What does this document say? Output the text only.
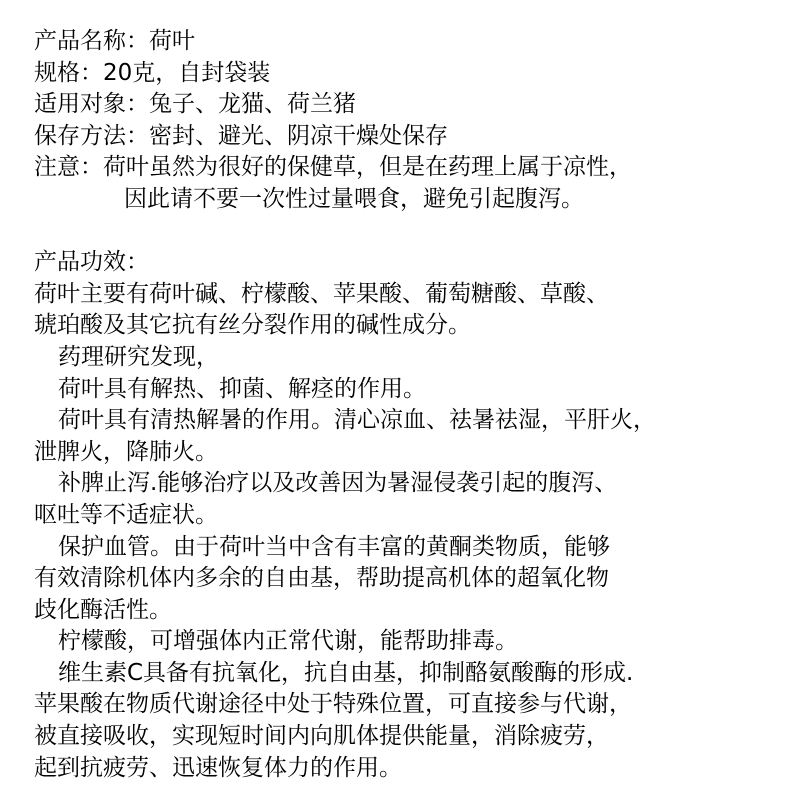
产品名称：荷叶
规格：20克，自封袋装
适用对象：兔子、龙猫、荷兰猪
保存方法：密封、避光、阴凉干燥处保存
注意：荷叶虽然为很好的保健草，但是在药理上属于凉性，
因此请不要一次性过量喂食，避免引起腹泻。
产品功效：
荷叶主要有荷叶碱、柠檬酸、苹果酸、葡萄糖酸、草酸、
琥珀酸及其它抗有丝分裂作用的碱性成分。
药理研究发现，
荷叶具有解热、抑菌、解痉的作用。
荷叶具有清热解暑的作用。清心凉血、祛暑祛湿，平肝火，
泄脾火，降肺火。
补脾止泻.能够治疗以及改善因为暑湿侵袭引起的腹泻、
呕吐等不适症状。
保护血管。由于荷叶当中含有丰富的黄酮类物质，能够
有效清除机体内多余的自由基，帮助提高机体的超氧化物
歧化酶活性。
柠檬酸，可增强体内正常代谢，能帮助排毒。
维生素C具备有抗氧化，抗自由基，抑制酪氨酸酶的形成.
苹果酸在物质代谢途径中处于特殊位置，可直接参与代谢，
被直接吸收，实现短时间内向肌体提供能量，消除疲劳，
起到抗疲劳、迅速恢复体力的作用。
